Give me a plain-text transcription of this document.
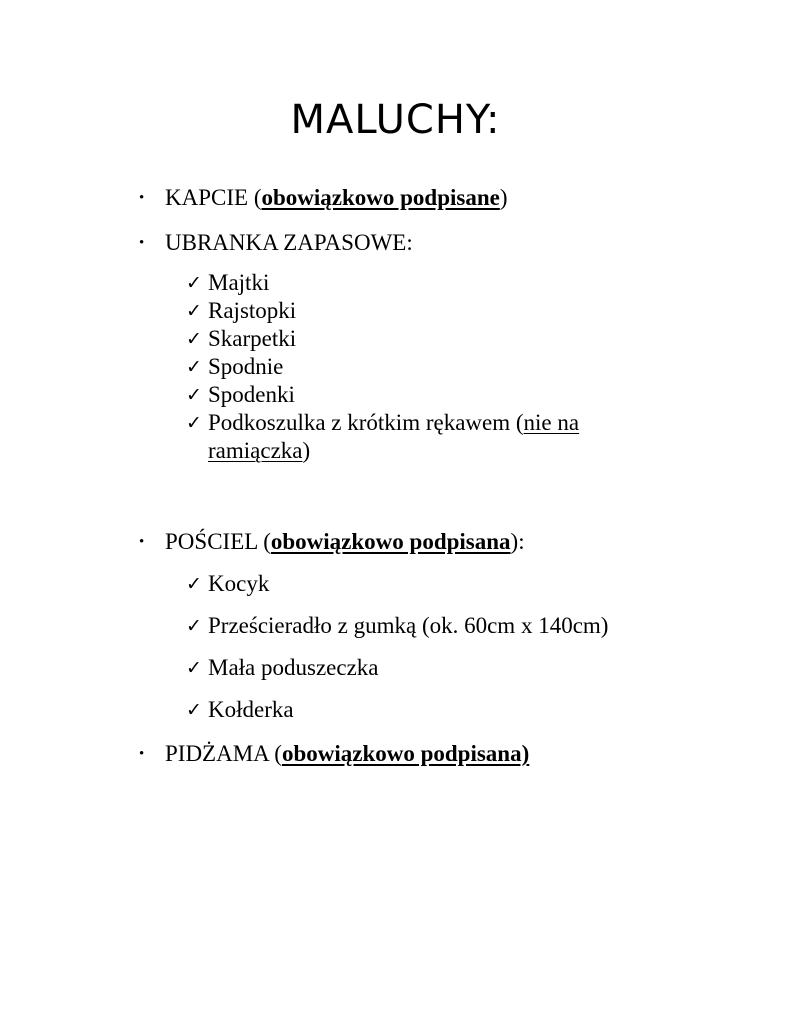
MALUCHY:
• KAPCIE (obowiązkowo podpisane)
• UBRANKA ZAPASOWE:
✓ Majtki
✓ Rajstopki
✓ Skarpetki
✓ Spodnie
✓ Spodenki
✓ Podkoszulka z krótkim rękawem (nie na
ramiączka)
• POŚCIEL (obowiązkowo podpisana):
✓ Kocyk
✓ Prześcieradło z gumką (ok. 60cm x 140cm)
✓ Mała poduszeczka
✓ Kołderka
• PIDŻAMA (obowiązkowo podpisana)
